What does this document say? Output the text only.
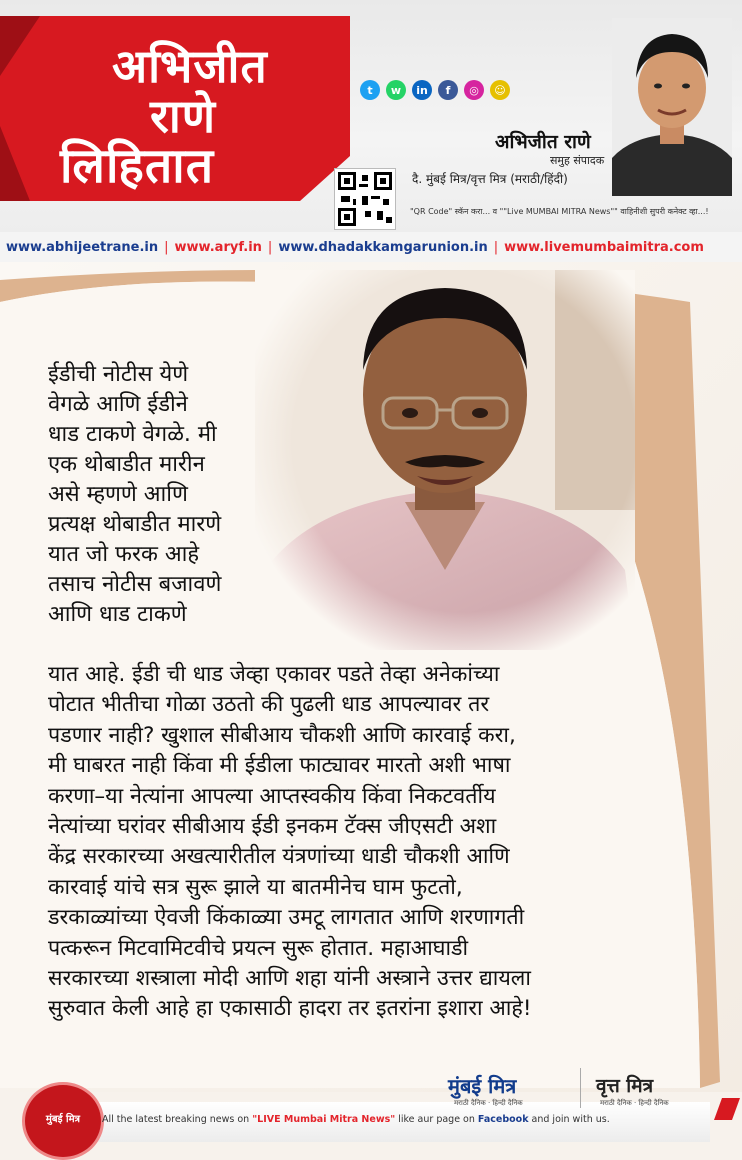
अभिजीत
राणे
लिहितात
t	w	in	f	◎	☺
अभिजीत राणे
समुह संपादक
दै. मुंबई मित्र/वृत्त मित्र (मराठी/हिंदी)
"QR Code" स्कॅन करा... व ""Live MUMBAI MITRA News"" वाहिनीशी सुपरी कनेक्ट व्हा...!
www.abhijeetrane.in | www.aryf.in | www.dhadakkamgarunion.in | www.livemumbaimitra.com
ईडीची नोटीस येणे
वेगळे आणि ईडीने
धाड टाकणे वेगळे. मी
एक थोबाडीत मारीन
असे म्हणणे आणि
प्रत्यक्ष थोबाडीत मारणे
यात जो फरक आहे
तसाच नोटीस बजावणे
आणि धाड टाकणे
यात आहे. ईडी ची धाड जेव्हा एकावर पडते तेव्हा अनेकांच्या
पोटात भीतीचा गोळा उठतो की पुढली धाड आपल्यावर तर
पडणार नाही? खुशाल सीबीआय चौकशी आणि कारवाई करा,
मी घाबरत नाही किंवा मी ईडीला फाट्यावर मारतो अशी भाषा
करणा–या नेत्यांना आपल्या आप्तस्वकीय किंवा निकटवर्तीय
नेत्यांच्या घरांवर सीबीआय ईडी इनकम टॅक्स जीएसटी अशा
केंद्र सरकारच्या अखत्यारीतील यंत्रणांच्या धाडी चौकशी आणि
कारवाई यांचे सत्र सुरू झाले या बातमीनेच घाम फुटतो,
डरकाळ्यांच्या ऐवजी किंकाळ्या उमटू लागतात आणि शरणागती
पत्करून मिटवामिटवीचे प्रयत्न सुरू होतात. महाआघाडी
सरकारच्या शस्त्राला मोदी आणि शहा यांनी अस्त्राने उत्तर द्यायला
सुरुवात केली आहे हा एकासाठी हादरा तर इतरांना इशारा आहे!
मुंबई मित्र
मुंबई मित्र
मराठी दैनिक · हिन्दी दैनिक
वृत्त मित्र
मराठी दैनिक · हिन्दी दैनिक
All the latest breaking news on "LIVE Mumbai Mitra News" like aur page on Facebook and join with us.
